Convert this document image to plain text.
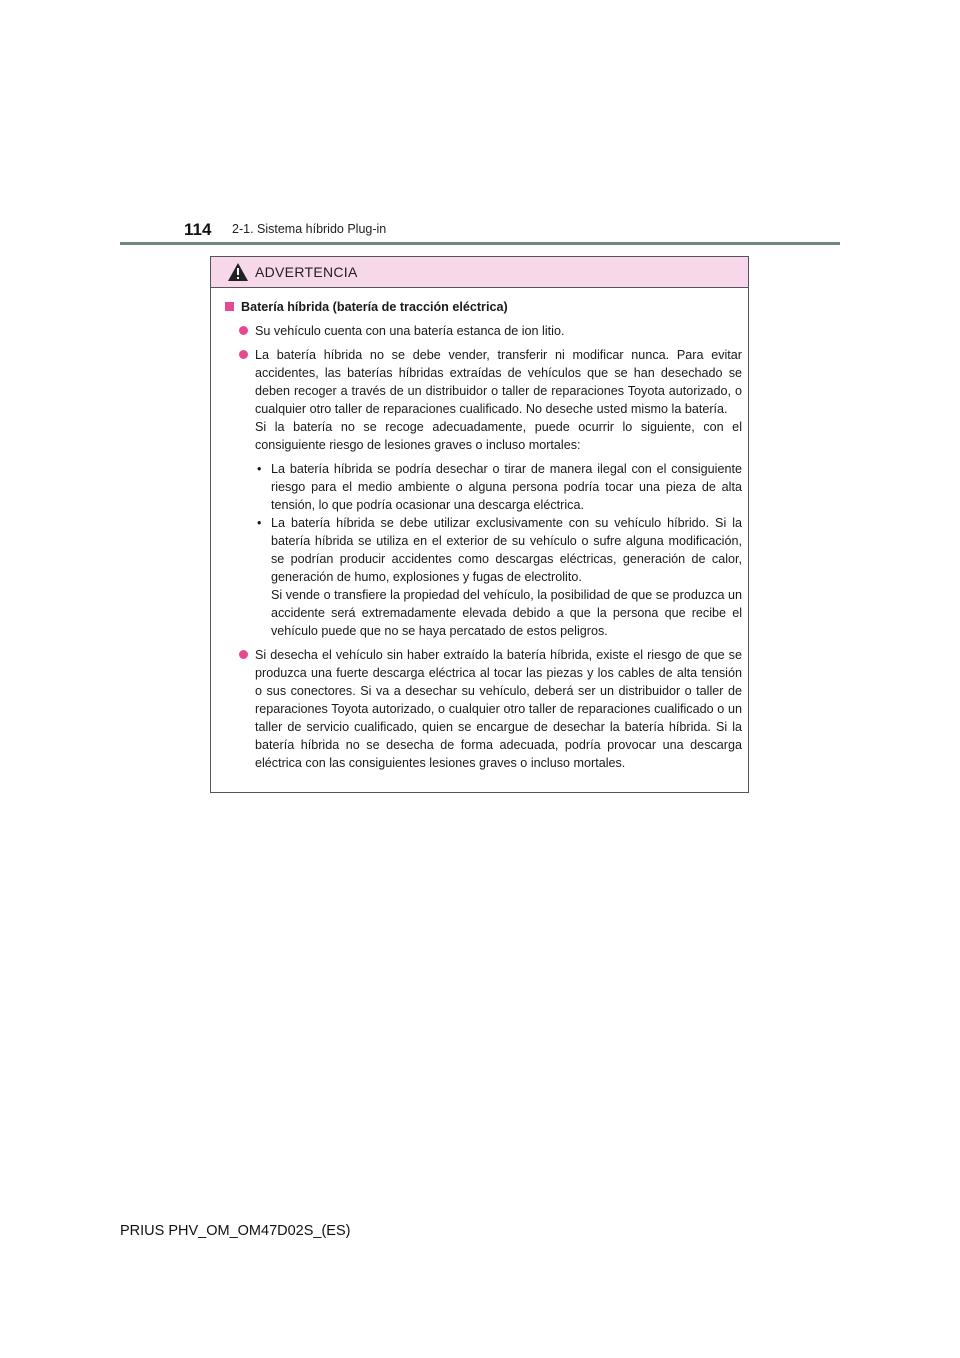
114 2-1. Sistema híbrido Plug-in
ADVERTENCIA
Batería híbrida (batería de tracción eléctrica)
Su vehículo cuenta con una batería estanca de ion litio.
La batería híbrida no se debe vender, transferir ni modificar nunca. Para evitar accidentes, las baterías híbridas extraídas de vehículos que se han desechado se deben recoger a través de un distribuidor o taller de reparaciones Toyota autorizado, o cualquier otro taller de reparaciones cualificado. No deseche usted mismo la batería.
Si la batería no se recoge adecuadamente, puede ocurrir lo siguiente, con el consiguiente riesgo de lesiones graves o incluso mortales:
• La batería híbrida se podría desechar o tirar de manera ilegal con el consiguiente riesgo para el medio ambiente o alguna persona podría tocar una pieza de alta tensión, lo que podría ocasionar una descarga eléctrica.
• La batería híbrida se debe utilizar exclusivamente con su vehículo híbrido. Si la batería híbrida se utiliza en el exterior de su vehículo o sufre alguna modificación, se podrían producir accidentes como descargas eléctricas, generación de calor, generación de humo, explosiones y fugas de electrolito.
Si vende o transfiere la propiedad del vehículo, la posibilidad de que se produzca un accidente será extremadamente elevada debido a que la persona que recibe el vehículo puede que no se haya percatado de estos peligros.
Si desecha el vehículo sin haber extraído la batería híbrida, existe el riesgo de que se produzca una fuerte descarga eléctrica al tocar las piezas y los cables de alta tensión o sus conectores. Si va a desechar su vehículo, deberá ser un distribuidor o taller de reparaciones Toyota autorizado, o cualquier otro taller de reparaciones cualificado o un taller de servicio cualificado, quien se encargue de desechar la batería híbrida. Si la batería híbrida no se desecha de forma adecuada, podría provocar una descarga eléctrica con las consiguientes lesiones graves o incluso mortales.
PRIUS PHV_OM_OM47D02S_(ES)
